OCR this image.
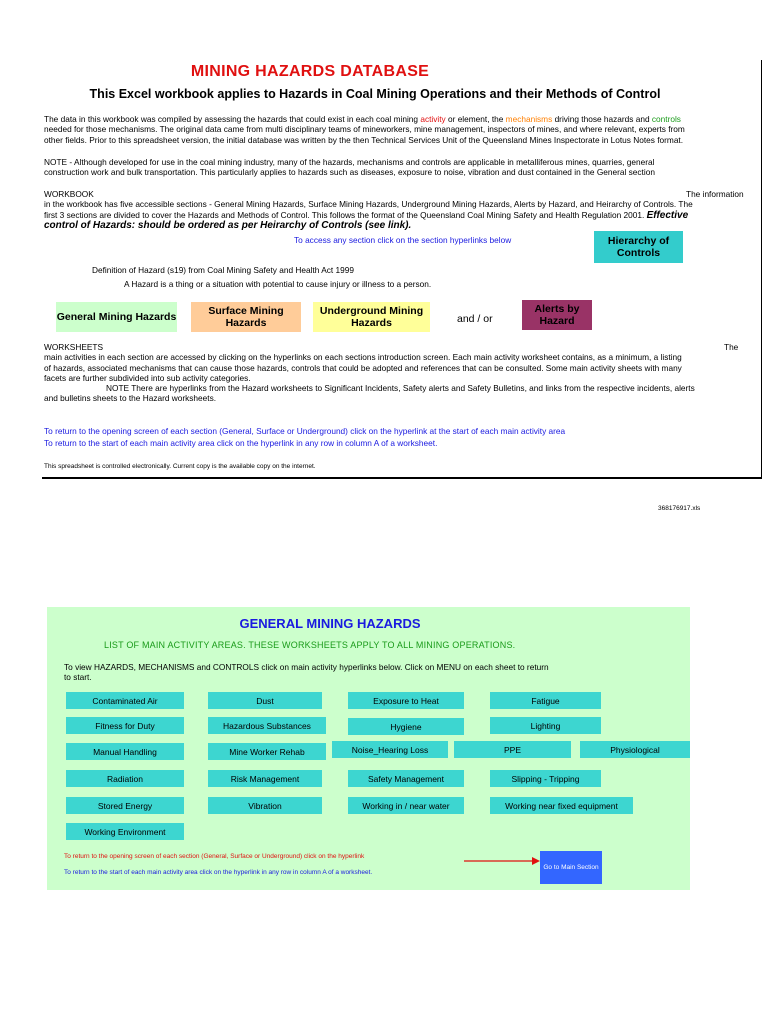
MINING HAZARDS DATABASE
This Excel workbook applies to Hazards in Coal Mining Operations and their Methods of Control
The data in this workbook was compiled by assessing the hazards that could exist in each coal mining activity or element, the mechanisms driving those hazards and controls
needed for those mechanisms. The original data came from multi disciplinary teams of mineworkers, mine management, inspectors of mines, and where relevant, experts from
other fields. Prior to this spreadsheet version, the initial database was written by the then Technical Services Unit of the Queensland Mines Inspectorate in Lotus Notes format.
NOTE - Although developed for use in the coal mining industry, many of the hazards, mechanisms and controls are applicable in metalliferous mines, quarries, general
construction work and bulk transportation. This particularly applies to hazards such as diseases, exposure to noise, vibration and dust contained in the General section
WORKBOOK	The information
in the workbook has five accessible sections - General Mining Hazards, Surface Mining Hazards, Underground Mining Hazards, Alerts by Hazard, and Heirarchy of Controls. The
first 3 sections are divided to cover the Hazards and Methods of Control. This follows the format of the Queensland Coal Mining Safety and Health Regulation 2001. Effective
control of Hazards: should be ordered as per Heirarchy of Controls (see link).
To access any section click on the section hyperlinks below	Hierarchy of Controls
Definition of Hazard (s19) from Coal Mining Safety and Health Act 1999
A Hazard is a thing or a situation with potential to cause injury or illness to a person.
General Mining Hazards	Surface Mining Hazards
Underground Mining Hazards	and / or
Alerts by Hazard
WORKSHEETS	The
main activities in each section are accessed by clicking on the hyperlinks on each sections introduction screen. Each main activity worksheet contains, as a minimum, a listing
of hazards, associated mechanisms that can cause those hazards, controls that could be adopted and references that can be consulted. Some main activity sheets with many
facets are further subdivided into sub activity categories.
NOTE There are hyperlinks from the Hazard worksheets to Significant Incidents, Safety alerts and Safety Bulletins, and links from the respective incidents, alerts
and bulletins sheets to the Hazard worksheets.
To return to the opening screen of each section (General, Surface or Underground) click on the hyperlink at the start of each main activity area
To return to the start of each main activity area click on the hyperlink in any row in column A of a worksheet.
This spreadsheet is controlled electronically. Current copy is the available copy on the internet.
368176917.xls
GENERAL MINING HAZARDS
LIST OF MAIN ACTIVITY AREAS. THESE WORKSHEETS APPLY TO ALL MINING OPERATIONS.
To view HAZARDS, MECHANISMS and CONTROLS click on main activity hyperlinks below. Click on MENU on each sheet to return
to start.
Contaminated Air	Dust	Exposure to Heat	Fatigue
Fitness for Duty	Hazardous Substances	Hygiene	Lighting
Manual Handling	Mine Worker Rehab	Noise_Hearing Loss	PPE	Physiological
Radiation	Risk Management	Safety Management	Slipping - Tripping
Stored Energy	Vibration	Working in / near water	Working near fixed equipment
Working Environment
To return to the opening screen of each section (General, Surface or Underground) click on the hyperlink
To return to the start of each main activity area click on the hyperlink in any row in column A of a worksheet.
Go to Main Section
